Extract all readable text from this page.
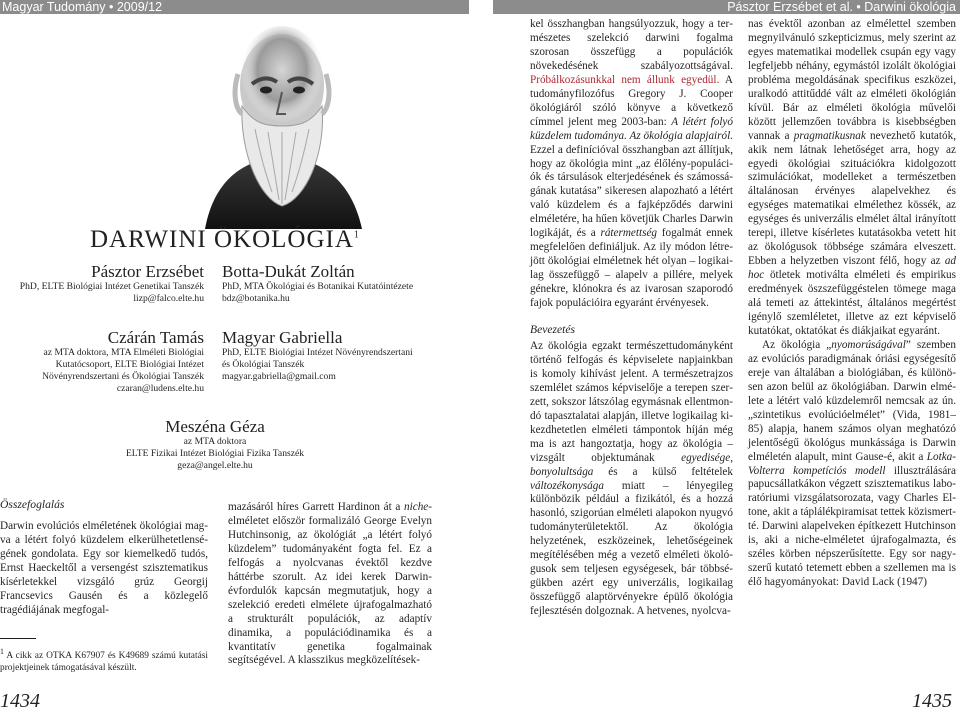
Magyar Tudomány • 2009/12	Pásztor Erzsébet et al. • Darwini ökológia
DARWINI ÖKOLÓGIA$^1$
Pásztor Erzsébet
PhD, ELTE Biológiai Intézet Genetikai Tanszék
lizp@falco.elte.hu
Botta-Dukát Zoltán
PhD, MTA Ökológiai és Botanikai Kutatóintézete
bdz@botanika.hu
Czárán Tamás
az MTA doktora, MTA Elméleti Biológiai
Kutatócsoport, ELTE Biológiai Intézet
Növényrendszertani és Ökológiai Tanszék
czaran@ludens.elte.hu
Magyar Gabriella
PhD, ELTE Biológiai Intézet Növényrendszertani
és Ökológiai Tanszék
magyar.gabriella@gmail.com
Meszéna Géza
az MTA doktora
ELTE Fizikai Intézet Biológiai Fizika Tanszék
geza@angel.elte.hu

Összefoglalás

Darwin evolúciós elméletének ökológiai magva a létért folyó küzdelem elkerülhetetlenségének gondolata. Egy sor kiemelkedő tudós, Ernst Haeckeltől a versengést szisztematikus kísérletekkel vizsgáló grúz Georgij Francsevics Gausén és a közlegelő tragédiájának megfogal-

$^1$ A cikk az OTKA K67907 és K49689 számú kutatási projektjeinek támogatásával készült.

mazásáról híres Garrett Hardinon át a niche-elméletet először formalizáló George Evelyn Hutchinsonig, az ökológiát „a létért folyó küzdelem” tudományaként fogta fel. Ez a felfogás a nyolcvanas évektől kezdve háttérbe szorult. Az idei kerek Darwin-évfordulók kapcsán megmutatjuk, hogy a szelekció eredeti elmélete újrafogalmazható a strukturált populációk, az adaptív dinamika, a populációdinamika és a kvantitatív genetika fogalmainak segítségével. A klasszikus megközelítések-

kel összhangban hangsúlyozzuk, hogy a természetes szelekció darwini fogalma szorosan összefügg a populációk növekedésének szabályozottságával. Próbálkozásunkkal nem állunk egyedül. A tudományfilozófus Gregory J. Cooper ökológiáról szóló könyve a következő címmel jelent meg 2003-ban: A létért folyó küzdelem tudománya. Az ökológia alapjairól. Ezzel a definícióval összhangban azt állítjuk, hogy az ökológia mint „az élőlény-populációk és társulások elterjedésének és számosságának kutatása” sikeresen alapozható a létért való küzdelem és a fajképződés darwini elméletére, ha hűen követjük Charles Darwin logikáját, és a rátermettség fogalmát ennek megfelelően definiáljuk. Az ily módon létrejött ökológiai elméletnek hét olyan – logikailag összefüggő – alapelv a pillére, melyek génekre, klónokra és az ivarosan szaporodó fajok populációira egyaránt érvényesek.

Bevezetés

Az ökológia egzakt természettudományként történő felfogás és képviselete napjainkban is komoly kihívást jelent. A természetrajzos szemlélet számos képviselője a terepen szerzett, sokszor látszólag egymásnak ellentmondó tapasztalatai alapján, illetve logikailag kikezdhetetlen elméleti támpontok híján még ma is azt hangoztatja, hogy az ökológia – vizsgált objektumának egyedisége, bonyolultsága és a külső feltételek változékonysága miatt – lényegileg különbözik például a fizikától, és a hozzá hasonló, szigorúan elméleti alapokon nyugvó tudományterületektől. Az ökológia helyzetének, eszközeinek, lehetőségeinek megítélésében még a vezető elméleti ökológusok sem teljesen egységesek, bár többségükben azért egy univerzális, logikailag összefüggő alaptörvényekre épülő ökológia fejlesztésén dolgoznak. A hetvenes, nyolcva-

nas évektől azonban az elmélettel szemben megnyilvánuló szkepticizmus, mely szerint az egyes matematikai modellek csupán egy vagy legfeljebb néhány, egymástól izolált ökológiai probléma megoldásának specifikus eszközei, uralkodó attitűddé vált az elméleti ökológián kívül. Bár az elméleti ökológia művelői között jellemzően továbbra is kisebbségben vannak a pragmatikusnak nevezhető kutatók, akik nem látnak lehetőséget arra, hogy az egyedi ökológiai szituációkra kidolgozott szimulációkat, modelleket a természetben általánosan érvényes alapelvekhez és egységes matematikai elmélethez kössék, az egységes és univerzális elmélet által irányított terepi, illetve kísérletes kutatásokba vetett hit az ökológusok többsége számára elveszett. Ebben a helyzetben viszont félő, hogy az ad hoc ötletek motiválta elméleti és empirikus eredmények öszszefüggéstelen tömege maga alá temeti az áttekintést, általános megértést igénylő szemléletet, illetve az ezt képviselő kutatókat, oktatókat és diákjaikat egyaránt.

Az ökológia „nyomorúságával” szemben az evolúciós paradigmának óriási egységesítő ereje van általában a biológiában, és különösen azon belül az ökológiában. Darwin elmélete a létért való küzdelemről nemcsak az ún. „szintetikus evolúcióelmélet” (Vida, 1981–85) alapja, hanem számos olyan meghatózó jelentőségű ökológus munkássága is Darwin elméletén alapult, mint Gause-é, akit a Lotka-Volterra kompetíciós modell illusztrálására papucsállatkákon végzett szisztematikus laboratóriumi vizsgálatsorozata, vagy Charles Eltone, akit a táplálékpiramisat tettek közismertté. Darwini alapelveken építkezett Hutchinson is, aki a niche-elméletet újrafogalmazta, és széles körben népszerűsítette. Egy sor nagyszerű kutató tetemett ebben a szellemen ma is élő hagyományokat: David Lack (1947)

1434	1435
